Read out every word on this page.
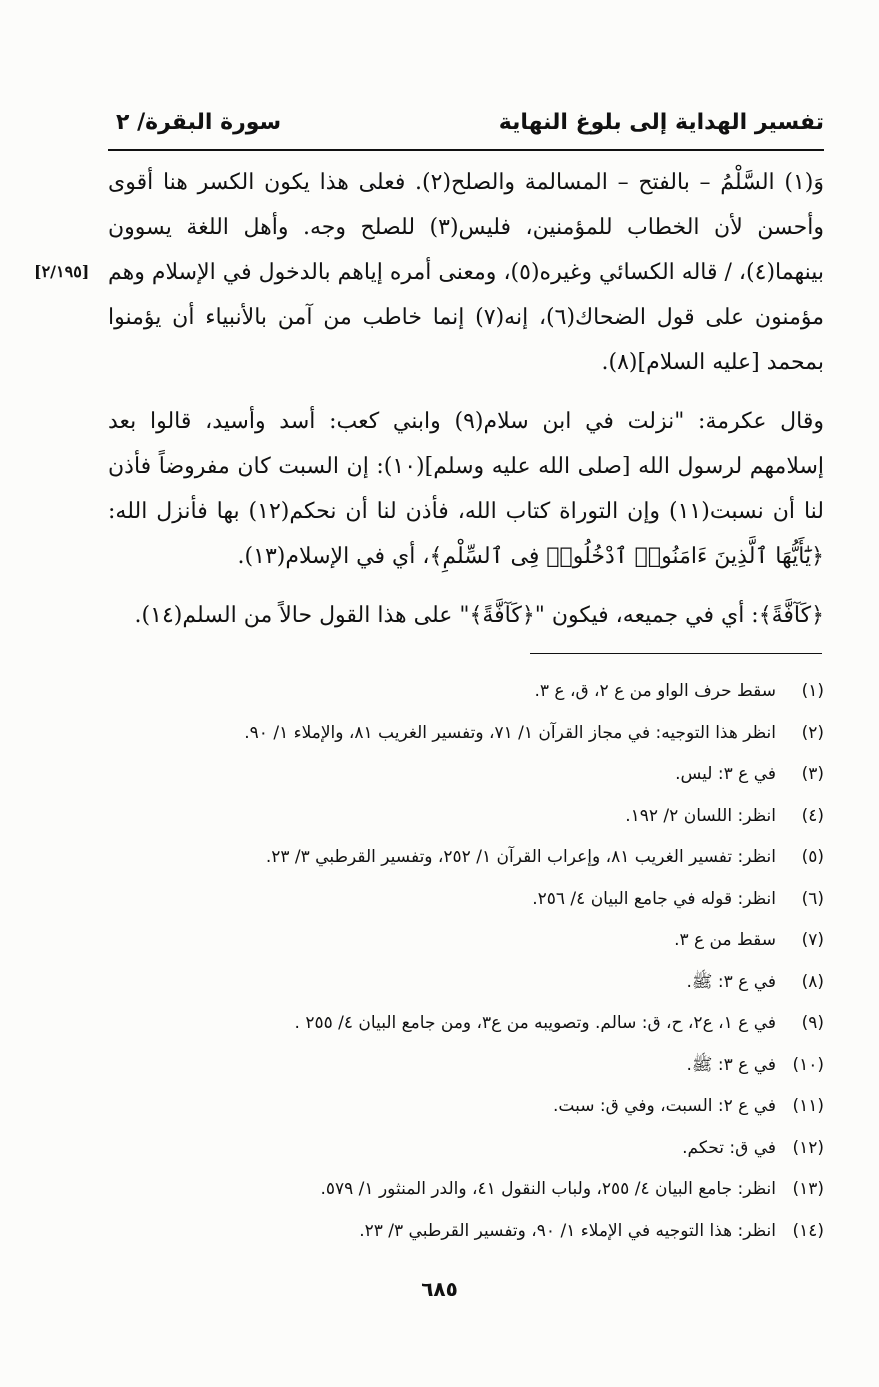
تفسير الهداية إلى بلوغ النهاية
سورة البقرة/ ٢
[٢/١٩٥]

وَ(١) السَّلْمُ – بالفتح – المسالمة والصلح(٢). فعلى هذا يكون الكسر هنا أقوى وأحسن لأن الخطاب للمؤمنين، فليس(٣) للصلح وجه. وأهل اللغة يسوون بينهما(٤)، / قاله الكسائي وغيره(٥)، ومعنى أمره إياهم بالدخول في الإسلام وهم مؤمنون على قول الضحاك(٦)، إنه(٧) إنما خاطب من آمن بالأنبياء أن يؤمنوا بمحمد [عليه السلام](٨).

وقال عكرمة: "نزلت في ابن سلام(٩) وابني كعب: أسد وأسيد، قالوا بعد إسلامهم لرسول الله [صلى الله عليه وسلم](١٠): إن السبت كان مفروضاً فأذن لنا أن نسبت(١١) وإن التوراة كتاب الله، فأذن لنا أن نحكم(١٢) بها فأنزل الله: ﴿يَٰٓأَيُّهَا ٱلَّذِينَ ءَامَنُوا۟ ٱدْخُلُوا۟ فِى ٱلسِّلْمِ﴾، أي في الإسلام(١٣).

﴿كَآفَّةً﴾: أي في جميعه، فيكون "﴿كَآفَّةً﴾" على هذا القول حالاً من السلم(١٤).

(١)سقط حرف الواو من ع ٢، ق، ع ٣.
(٢)انظر هذا التوجيه: في مجاز القرآن ١/ ٧١، وتفسير الغريب ٨١، والإملاء ١/ ٩٠.
(٣)في ع ٣: ليس.
(٤)انظر: اللسان ٢/ ١٩٢.
(٥)انظر: تفسير الغريب ٨١، وإعراب القرآن ١/ ٢٥٢، وتفسير القرطبي ٣/ ٢٣.
(٦)انظر: قوله في جامع البيان ٤/ ٢٥٦.
(٧)سقط من ع ٣.
(٨)في ع ٣: ﷺ.
(٩)في ع ١، ع٢، ح، ق: سالم. وتصويبه من ع٣، ومن جامع البيان ٤/ ٢٥٥ .
(١٠)في ع ٣: ﷺ.
(١١)في ع ٢: السبت، وفي ق: سبت.
(١٢)في ق: تحكم.
(١٣)انظر: جامع البيان ٤/ ٢٥٥، ولباب النقول ٤١، والدر المنثور ١/ ٥٧٩.
(١٤)انظر: هذا التوجيه في الإملاء ١/ ٩٠، وتفسير القرطبي ٣/ ٢٣.
٦٨٥
